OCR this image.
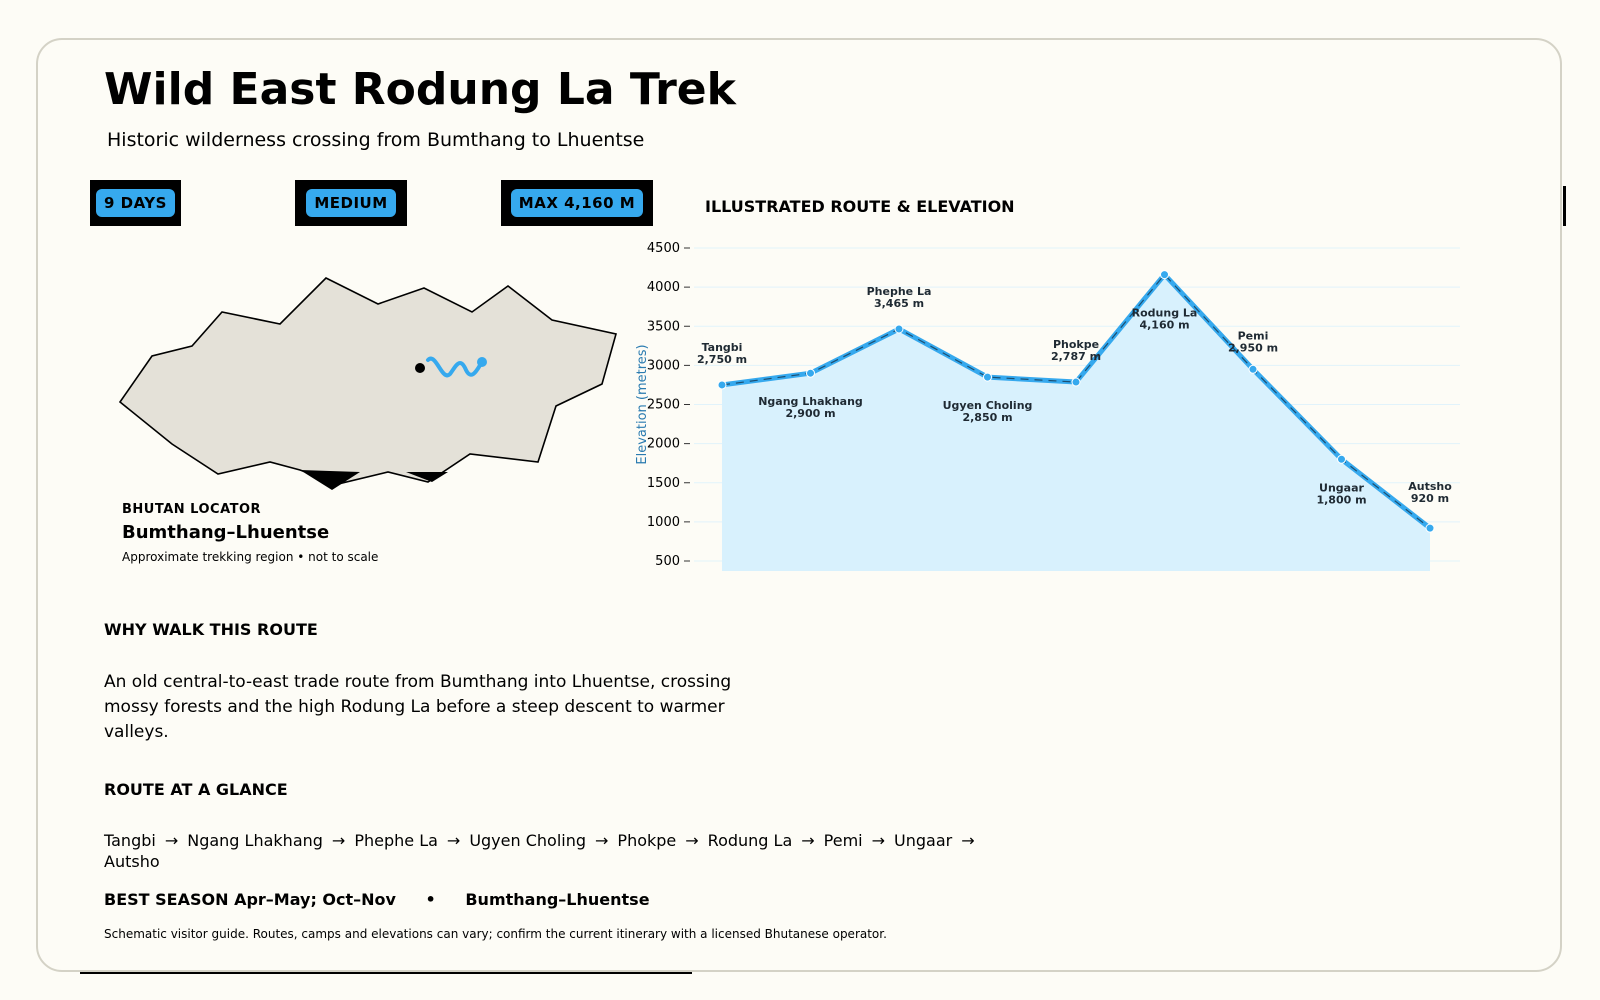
Wild East Rodung La Trek
Historic wilderness crossing from Bumthang to Lhuentse
9 DAYS	MEDIUM	MAX 4,160 M	ILLUSTRATED ROUTE & ELEVATION
BHUTAN LOCATOR
Bumthang–Lhuentse
Approximate trekking region • not to scale	500
1000
1500
2000
2500
3000
3500
4000
4500
Elevation (metres)	Tangbi
2,750 m
Ngang Lhakhang
2,900 m
Phephe La
3,465 m
Ugyen Choling
2,850 m
Phokpe
2,787 m
Rodung La
4,160 m
Pemi
2,950 m
Ungaar
1,800 m
Autsho
920 m
WHY WALK THIS ROUTE

An old central-to-east trade route from Bumthang into Lhuentse, crossing mossy forests and the high Rodung La before a steep descent to warmer valleys.

ROUTE AT A GLANCE
Tangbi → Ngang Lhakhang → Phephe La → Ugyen Choling → Phokpe → Rodung La → Pemi → Ungaar →Autsho
BEST SEASON Apr–May; Oct–Nov • Bumthang–Lhuentse
Schematic visitor guide. Routes, camps and elevations can vary; confirm the current itinerary with a licensed Bhutanese operator.
